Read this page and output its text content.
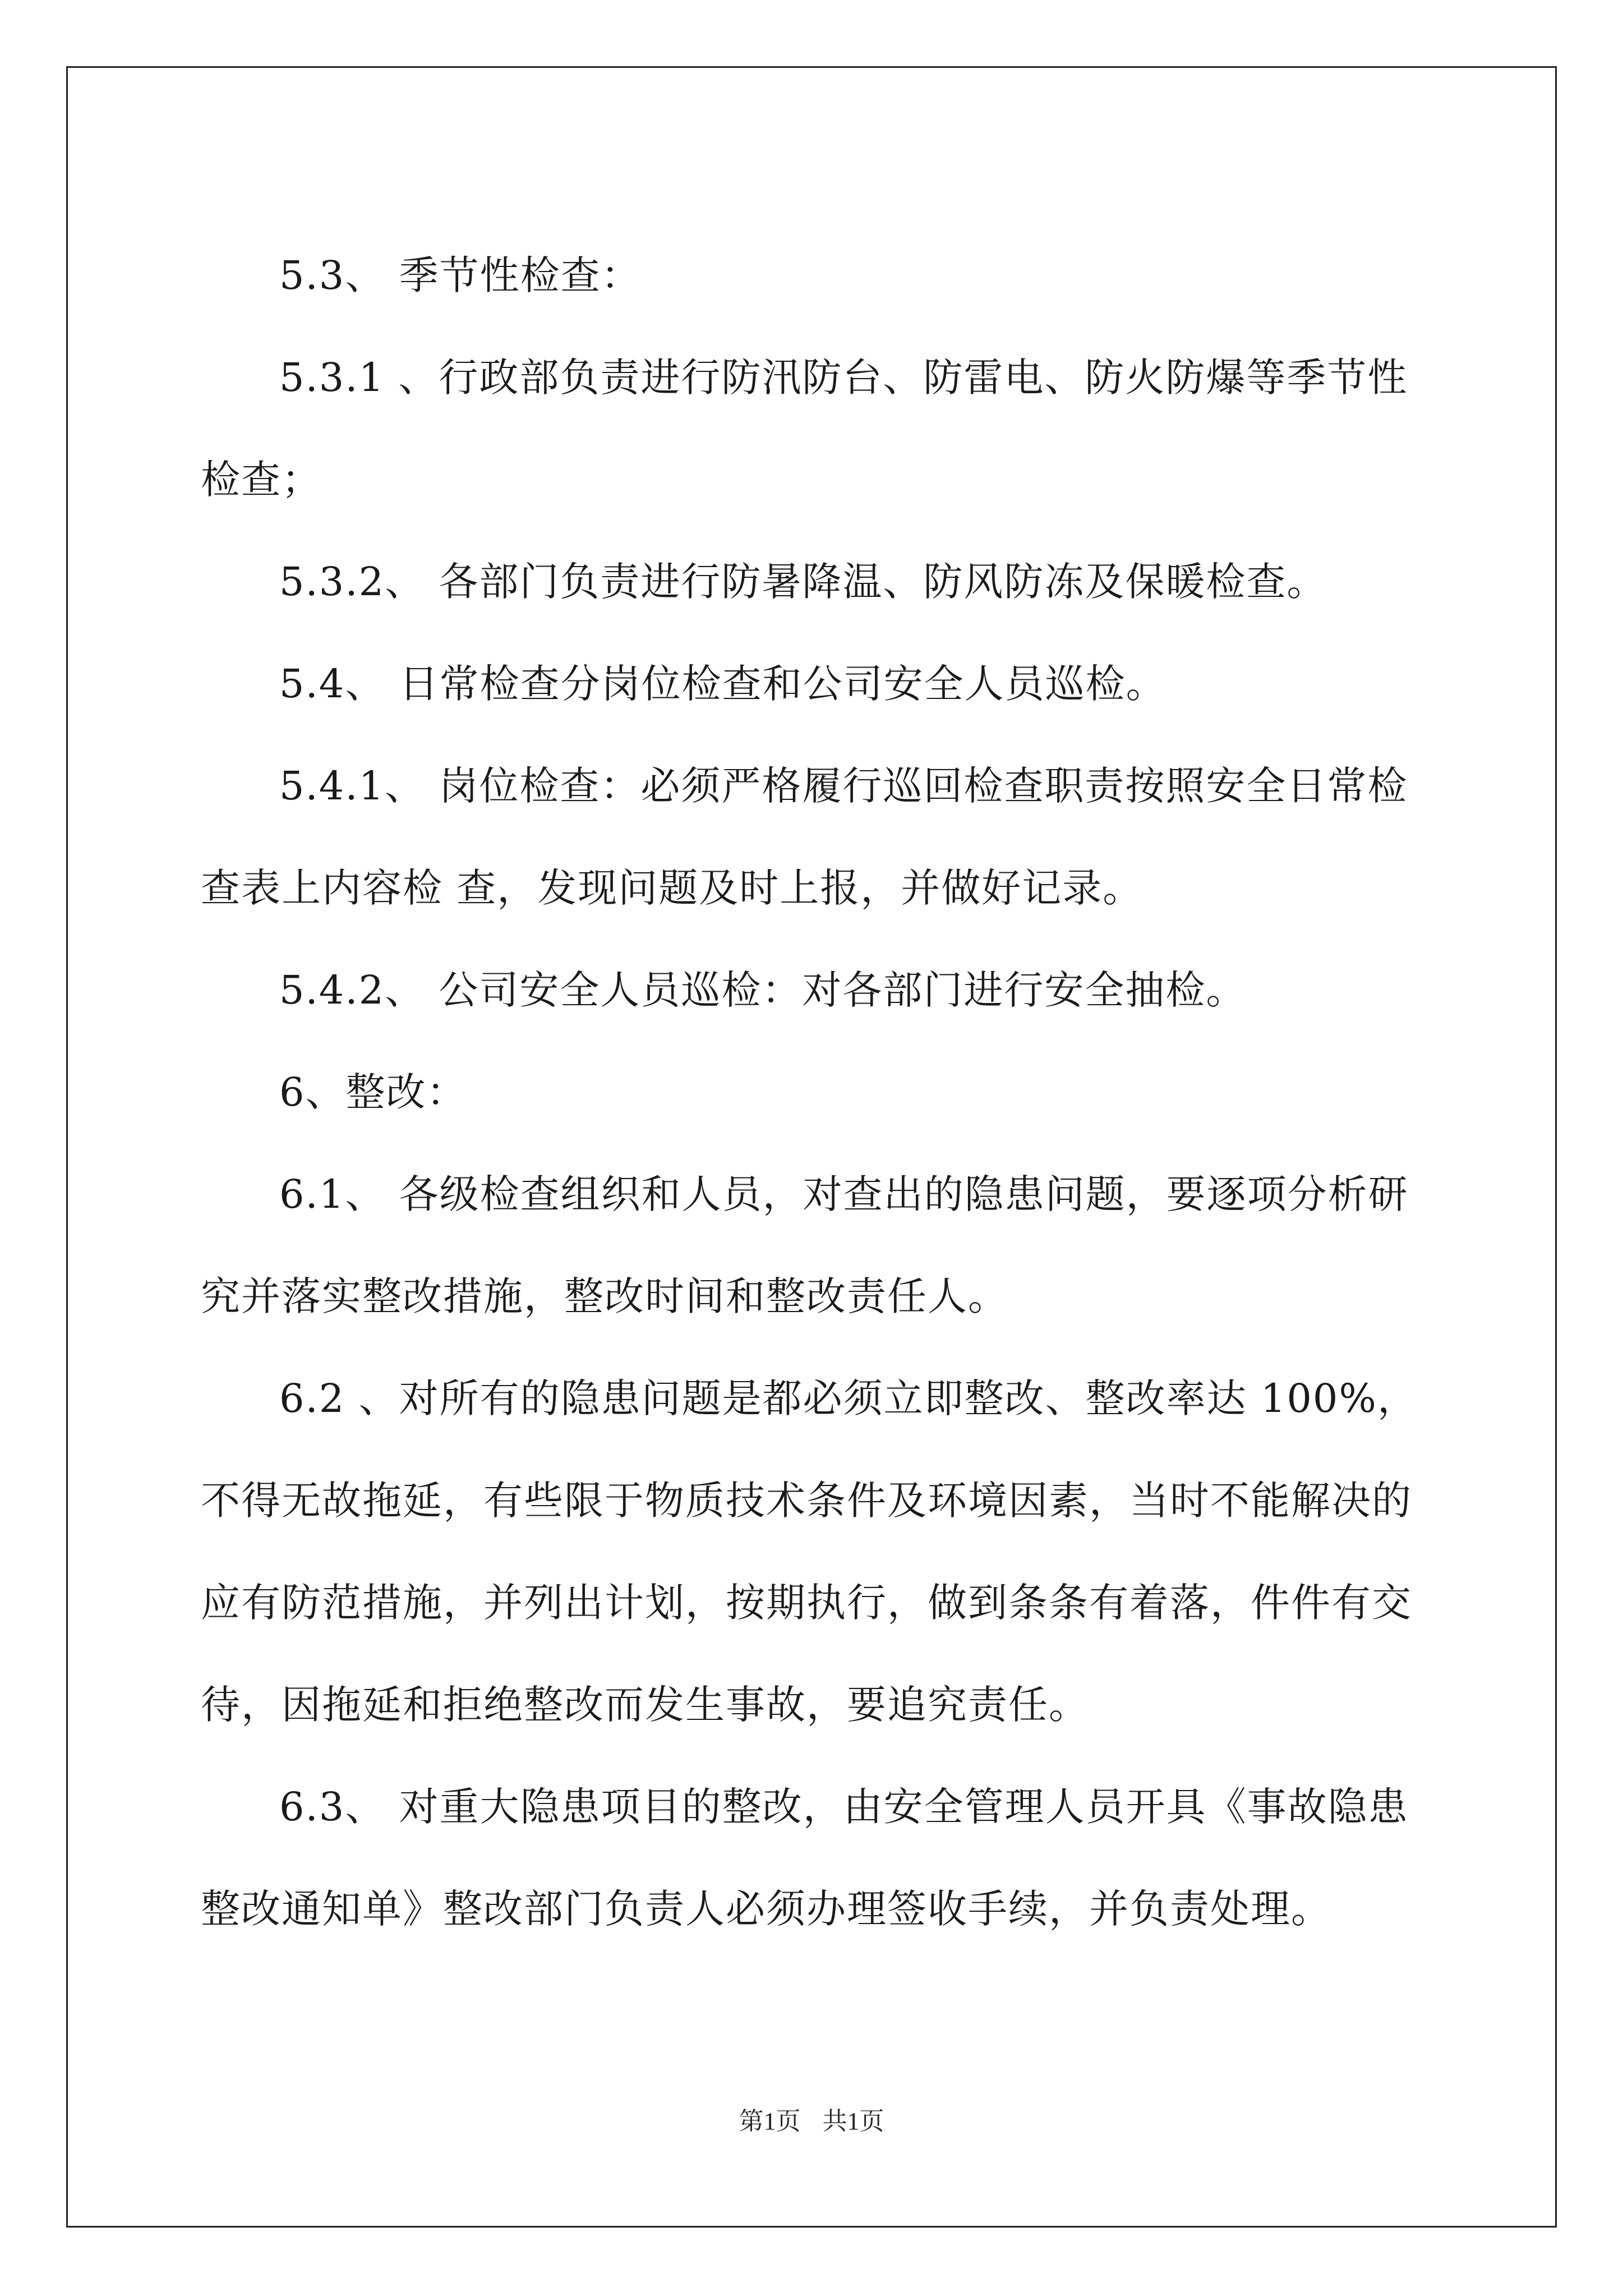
5.3、 季节性检查：

5.3.1 、行政部负责进行防汛防台、防雷电、防火防爆等季节性检查；

5.3.2、 各部门负责进行防暑降温、防风防冻及保暖检查。

5.4、 日常检查分岗位检查和公司安全人员巡检。

5.4.1、 岗位检查：必须严格履行巡回检查职责按照安全日常检查表上内容检 查，发现问题及时上报，并做好记录。

5.4.2、 公司安全人员巡检：对各部门进行安全抽检。

6、整改：

6.1、 各级检查组织和人员，对查出的隐患问题，要逐项分析研究并落实整改措施，整改时间和整改责任人。

6.2 、对所有的隐患问题是都必须立即整改、整改率达 100%，不得无故拖延，有些限于物质技术条件及环境因素，当时不能解决的应有防范措施，并列出计划，按期执行，做到条条有着落，件件有交待，因拖延和拒绝整改而发生事故，要追究责任。

6.3、 对重大隐患项目的整改，由安全管理人员开具《事故隐患整改通知单》整改部门负责人必须办理签收手续，并负责处理。

第1页 共1页
